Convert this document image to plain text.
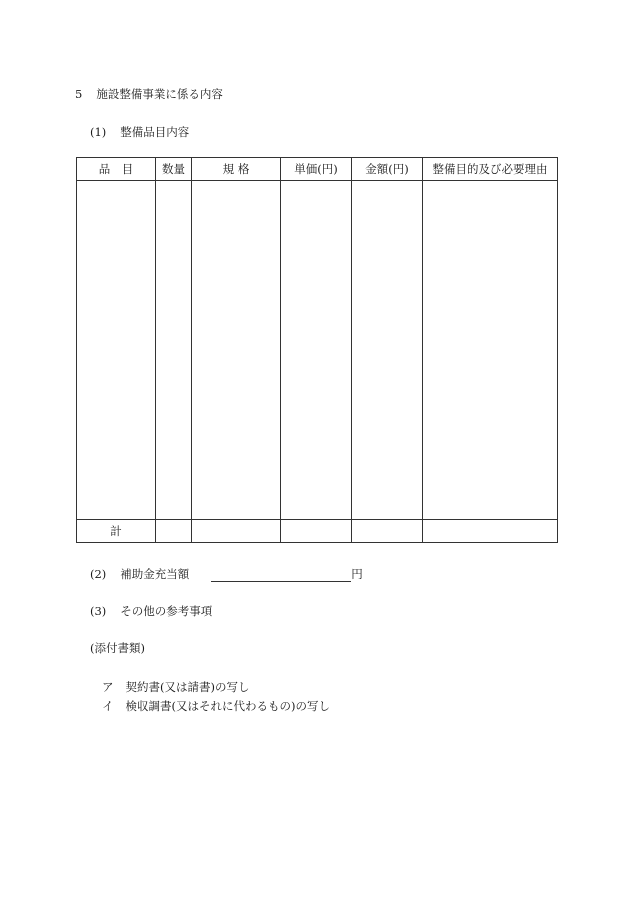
5 施設整備事業に係る内容
(1) 整備品目内容
品　目	数量	規 格	単価(円)	金額(円)	整備目的及び必要理由

計					
(2) 補助金充当額	円
(3) その他の参考事項
(添付書類)
ア 契約書(又は請書)の写し
イ 検収調書(又はそれに代わるもの)の写し
